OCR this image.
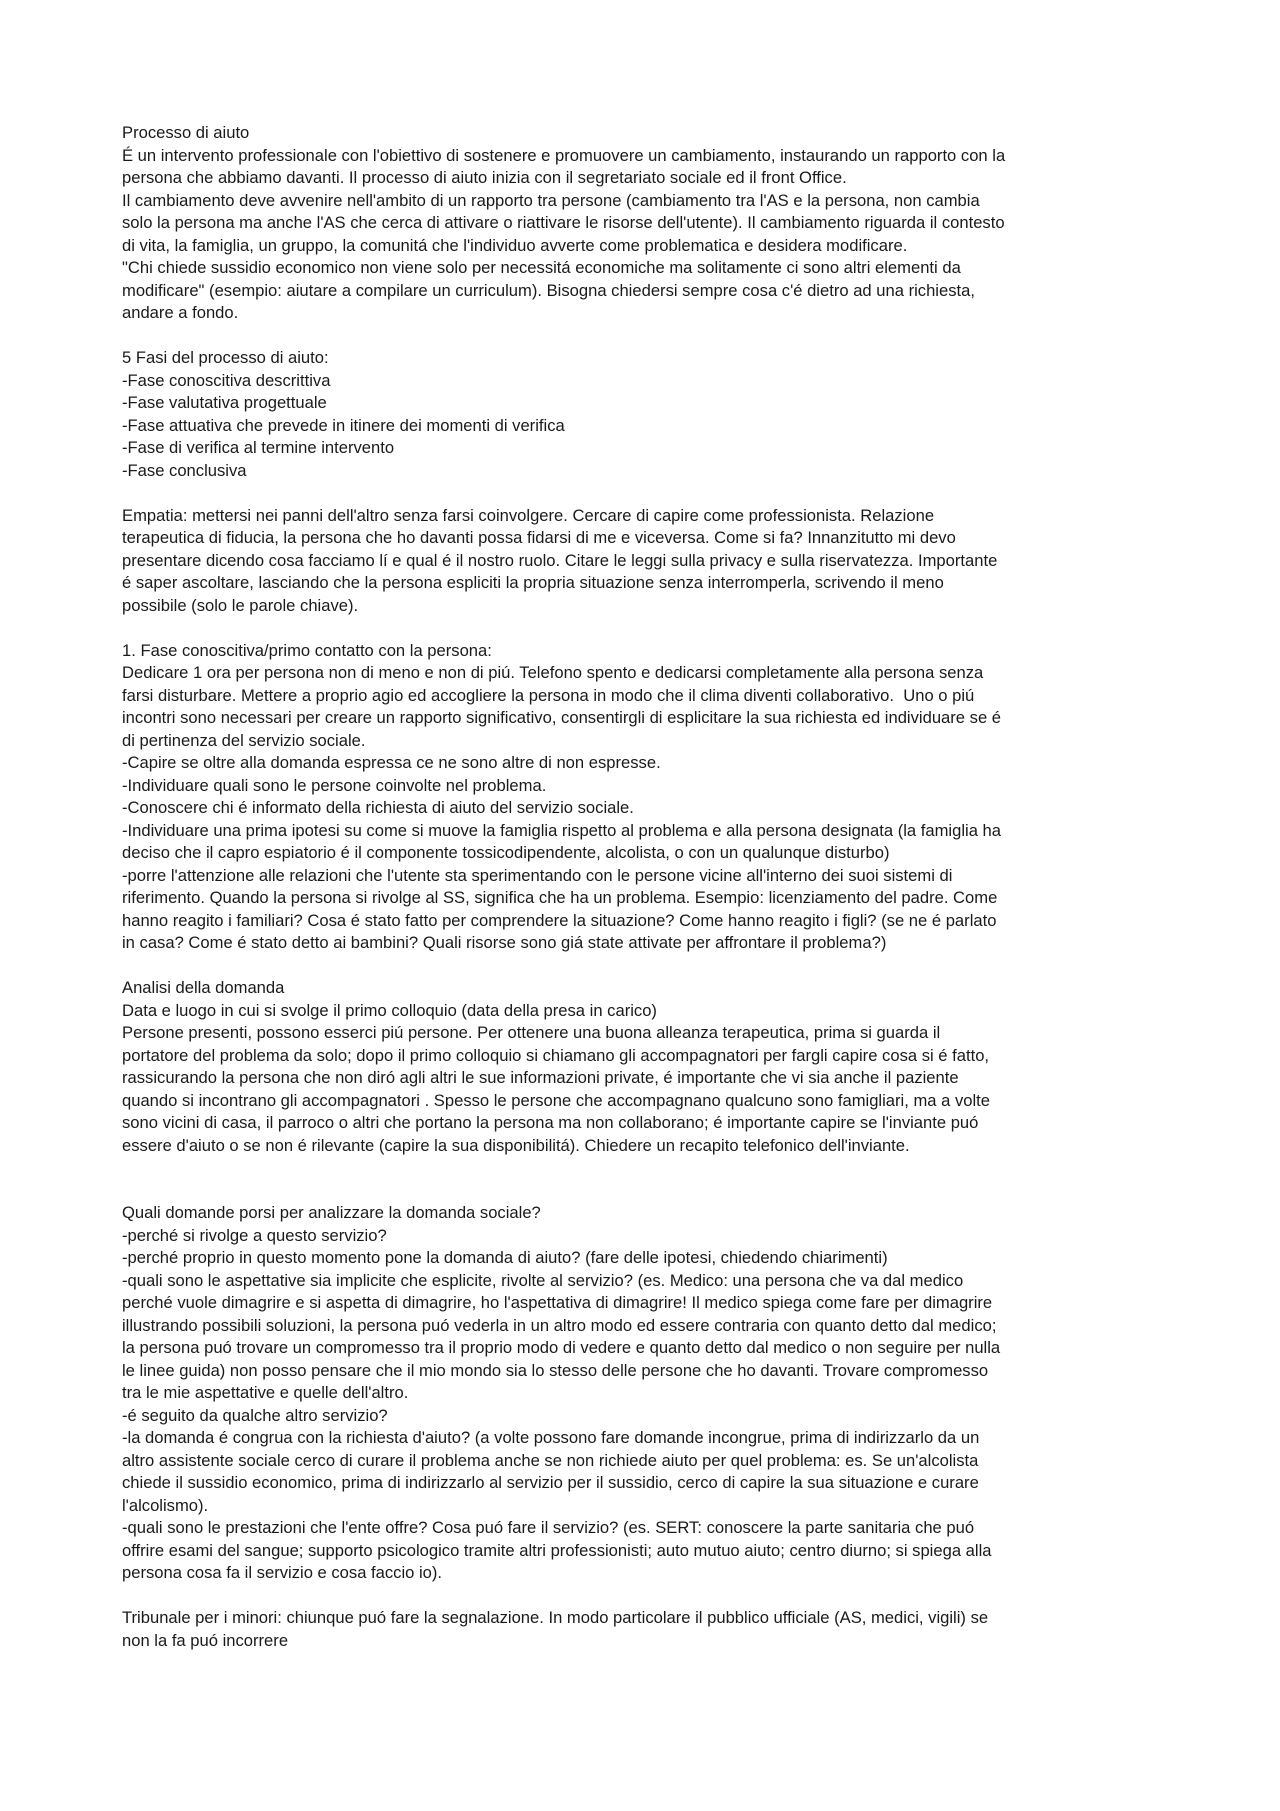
Processo di aiuto
É un intervento professionale con l'obiettivo di sostenere e promuovere un cambiamento, instaurando un rapporto con la
persona che abbiamo davanti. Il processo di aiuto inizia con il segretariato sociale ed il front Office.
Il cambiamento deve avvenire nell'ambito di un rapporto tra persone (cambiamento tra l'AS e la persona, non cambia
solo la persona ma anche l'AS che cerca di attivare o riattivare le risorse dell'utente). Il cambiamento riguarda il contesto
di vita, la famiglia, un gruppo, la comunitá che l'individuo avverte come problematica e desidera modificare.
"Chi chiede sussidio economico non viene solo per necessitá economiche ma solitamente ci sono altri elementi da
modificare" (esempio: aiutare a compilare un curriculum). Bisogna chiedersi sempre cosa c'é dietro ad una richiesta,
andare a fondo.
5 Fasi del processo di aiuto:
-Fase conoscitiva descrittiva
-Fase valutativa progettuale
-Fase attuativa che prevede in itinere dei momenti di verifica
-Fase di verifica al termine intervento
-Fase conclusiva
Empatia: mettersi nei panni dell'altro senza farsi coinvolgere. Cercare di capire come professionista. Relazione
terapeutica di fiducia, la persona che ho davanti possa fidarsi di me e viceversa. Come si fa? Innanzitutto mi devo
presentare dicendo cosa facciamo lí e qual é il nostro ruolo. Citare le leggi sulla privacy e sulla riservatezza. Importante
é saper ascoltare, lasciando che la persona espliciti la propria situazione senza interromperla, scrivendo il meno
possibile (solo le parole chiave).
1. Fase conoscitiva/primo contatto con la persona:
Dedicare 1 ora per persona non di meno e non di piú. Telefono spento e dedicarsi completamente alla persona senza
farsi disturbare. Mettere a proprio agio ed accogliere la persona in modo che il clima diventi collaborativo.  Uno o piú
incontri sono necessari per creare un rapporto significativo, consentirgli di esplicitare la sua richiesta ed individuare se é
di pertinenza del servizio sociale.
-Capire se oltre alla domanda espressa ce ne sono altre di non espresse.
-Individuare quali sono le persone coinvolte nel problema.
-Conoscere chi é informato della richiesta di aiuto del servizio sociale.
-Individuare una prima ipotesi su come si muove la famiglia rispetto al problema e alla persona designata (la famiglia ha
deciso che il capro espiatorio é il componente tossicodipendente, alcolista, o con un qualunque disturbo)
-porre l'attenzione alle relazioni che l'utente sta sperimentando con le persone vicine all'interno dei suoi sistemi di
riferimento. Quando la persona si rivolge al SS, significa che ha un problema. Esempio: licenziamento del padre. Come
hanno reagito i familiari? Cosa é stato fatto per comprendere la situazione? Come hanno reagito i figli? (se ne é parlato
in casa? Come é stato detto ai bambini? Quali risorse sono giá state attivate per affrontare il problema?)
Analisi della domanda
Data e luogo in cui si svolge il primo colloquio (data della presa in carico)
Persone presenti, possono esserci piú persone. Per ottenere una buona alleanza terapeutica, prima si guarda il
portatore del problema da solo; dopo il primo colloquio si chiamano gli accompagnatori per fargli capire cosa si é fatto,
rassicurando la persona che non diró agli altri le sue informazioni private, é importante che vi sia anche il paziente
quando si incontrano gli accompagnatori . Spesso le persone che accompagnano qualcuno sono famigliari, ma a volte
sono vicini di casa, il parroco o altri che portano la persona ma non collaborano; é importante capire se l'inviante puó
essere d'aiuto o se non é rilevante (capire la sua disponibilitá). Chiedere un recapito telefonico dell'inviante.
Quali domande porsi per analizzare la domanda sociale?
-perché si rivolge a questo servizio?
-perché proprio in questo momento pone la domanda di aiuto? (fare delle ipotesi, chiedendo chiarimenti)
-quali sono le aspettative sia implicite che esplicite, rivolte al servizio? (es. Medico: una persona che va dal medico
perché vuole dimagrire e si aspetta di dimagrire, ho l'aspettativa di dimagrire! Il medico spiega come fare per dimagrire
illustrando possibili soluzioni, la persona puó vederla in un altro modo ed essere contraria con quanto detto dal medico;
la persona puó trovare un compromesso tra il proprio modo di vedere e quanto detto dal medico o non seguire per nulla
le linee guida) non posso pensare che il mio mondo sia lo stesso delle persone che ho davanti. Trovare compromesso
tra le mie aspettative e quelle dell'altro.
-é seguito da qualche altro servizio?
-la domanda é congrua con la richiesta d'aiuto? (a volte possono fare domande incongrue, prima di indirizzarlo da un
altro assistente sociale cerco di curare il problema anche se non richiede aiuto per quel problema: es. Se un'alcolista
chiede il sussidio economico, prima di indirizzarlo al servizio per il sussidio, cerco di capire la sua situazione e curare
l'alcolismo).
-quali sono le prestazioni che l'ente offre? Cosa puó fare il servizio? (es. SERT: conoscere la parte sanitaria che puó
offrire esami del sangue; supporto psicologico tramite altri professionisti; auto mutuo aiuto; centro diurno; si spiega alla
persona cosa fa il servizio e cosa faccio io).
Tribunale per i minori: chiunque puó fare la segnalazione. In modo particolare il pubblico ufficiale (AS, medici, vigili) se
non la fa puó incorrere
